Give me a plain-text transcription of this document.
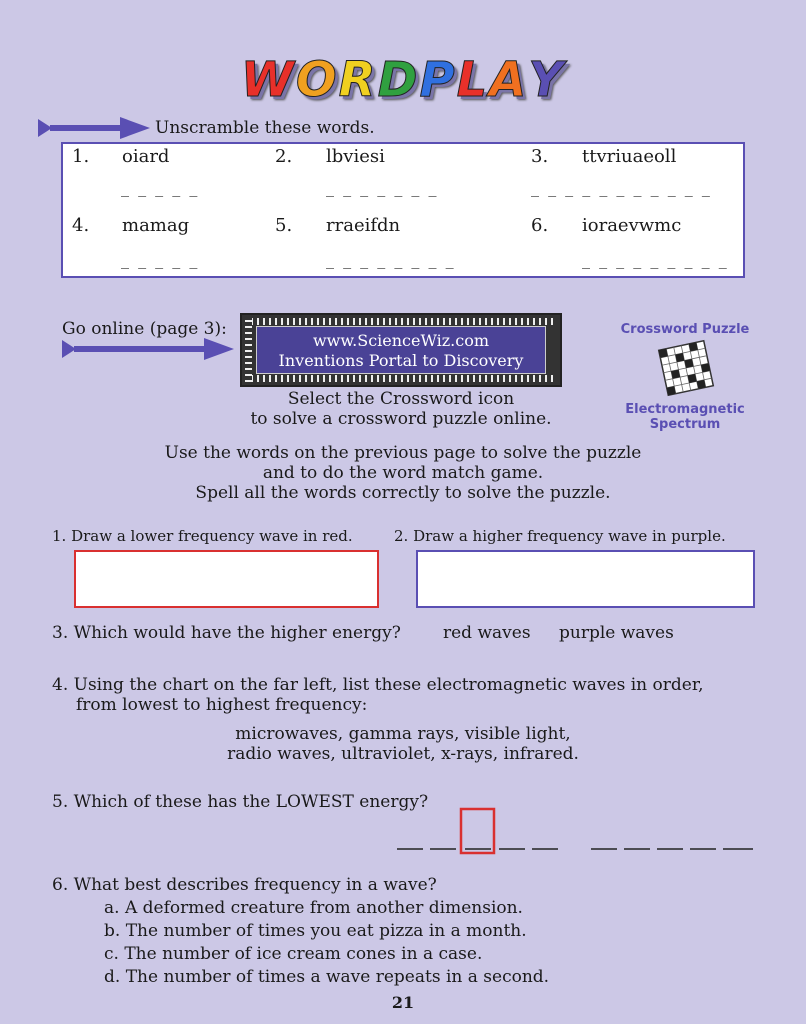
WORDPLAY
Unscramble these words.
1. oiard	2. lbviesi	3. ttvriuaeoll
_ _ _ _ _	_ _ _ _ _ _ _	_ _ _ _ _ _ _ _ _ _ _
4. mamag	5. rraeifdn	6. ioraevwmc
_ _ _ _ _	_ _ _ _ _ _ _ _	_ _ _ _ _ _ _ _ _
Go online (page 3):
www.ScienceWiz.com
Inventions Portal to Discovery
Select the Crossword icon
to solve a crossword puzzle online.
Crossword Puzzle
Electromagnetic
Spectrum
Use the words on the previous page to solve the puzzle
and to do the word match game.
Spell all the words correctly to solve the puzzle.
1. Draw a lower frequency wave in red.	2. Draw a higher frequency wave in purple.
3. Which would have the higher energy? red waves purple waves
4. Using the chart on the far left, list these electromagnetic waves in order,
from lowest to highest frequency:
microwaves, gamma rays, visible light,
radio waves, ultraviolet, x-rays, infrared.
5. Which of these has the LOWEST energy?
6. What best describes frequency in a wave?
a. A deformed creature from another dimension.
b. The number of times you eat pizza in a month.
c. The number of ice cream cones in a case.
d. The number of times a wave repeats in a second.
21
